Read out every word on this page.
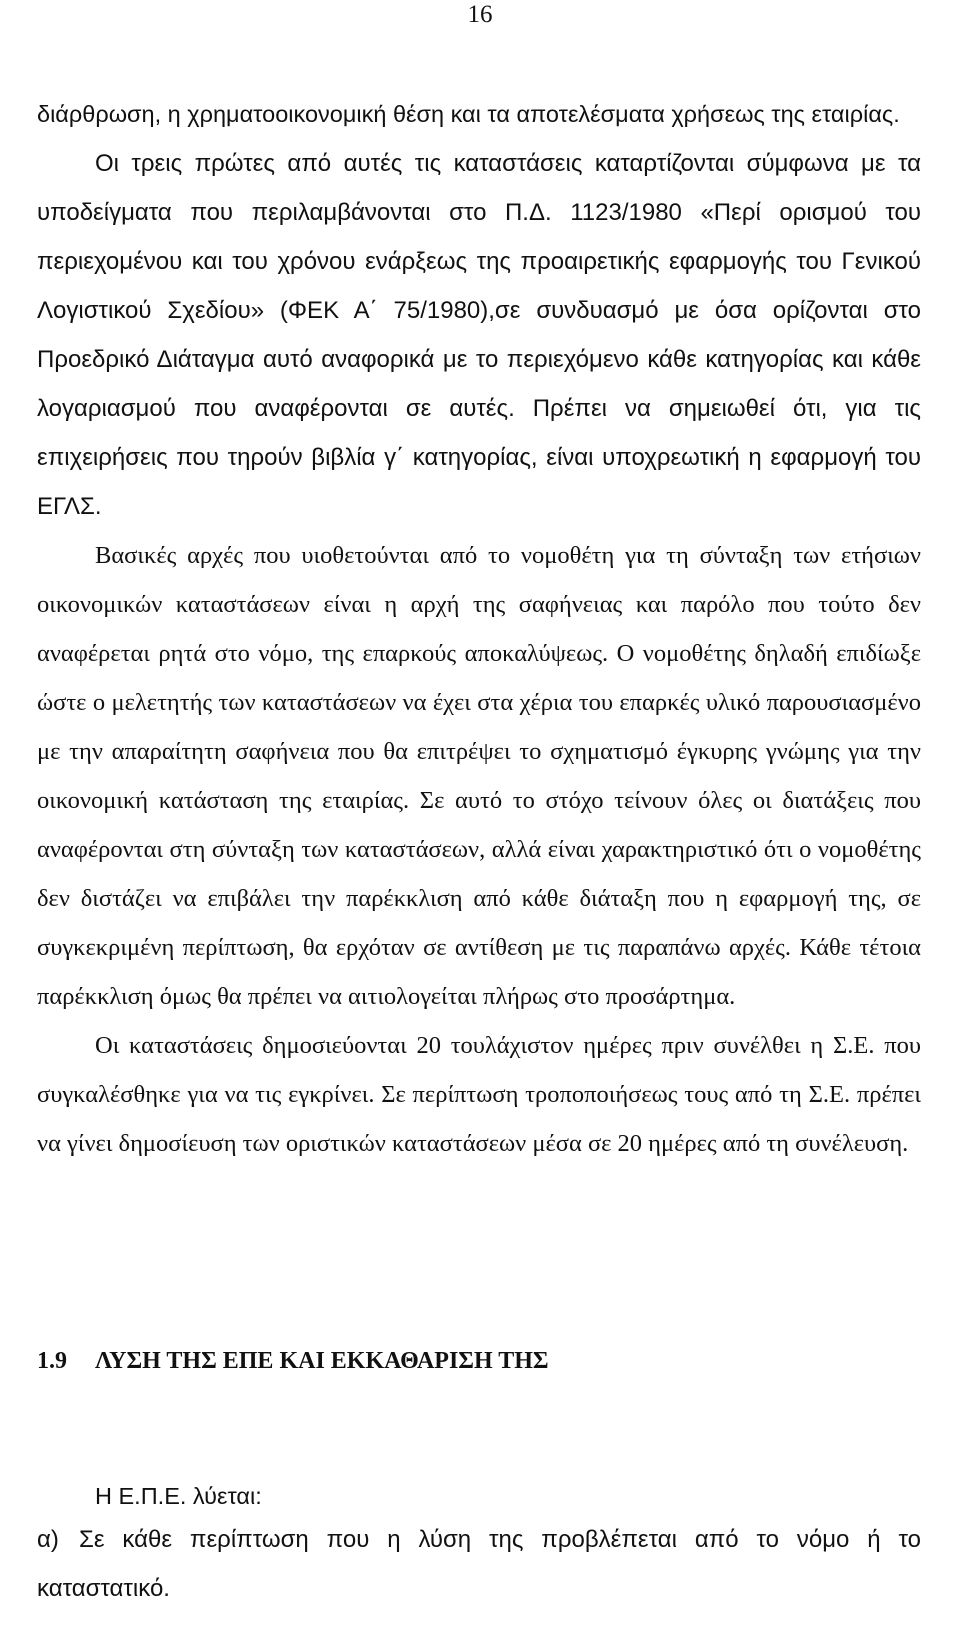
16

διάρθρωση, η χρηματοοικονομική θέση και τα αποτελέσματα χρήσεως της εταιρίας.

Οι τρεις πρώτες από αυτές τις καταστάσεις καταρτίζονται σύμφωνα με τα υποδείγματα που περιλαμβάνονται στο Π.Δ. 1123/1980 «Περί ορισμού του περιεχομένου και του χρόνου ενάρξεως της προαιρετικής εφαρμογής του Γενικού Λογιστικού Σχεδίου» (ΦΕΚ Α΄ 75/1980),σε συνδυασμό με όσα ορίζονται στο Προεδρικό Διάταγμα αυτό αναφορικά με το περιεχόμενο κάθε κατηγορίας και κάθε λογαριασμού που αναφέρονται σε αυτές. Πρέπει να σημειωθεί ότι, για τις επιχειρήσεις που τηρούν βιβλία γ΄ κατηγορίας, είναι υποχρεωτική η εφαρμογή του ΕΓΛΣ.

Βασικές αρχές που υιοθετούνται από το νομοθέτη για τη σύνταξη των ετήσιων οικονομικών καταστάσεων είναι η αρχή της σαφήνειας και παρόλο που τούτο δεν αναφέρεται ρητά στο νόμο, της επαρκούς αποκαλύψεως. Ο νομοθέτης δηλαδή επιδίωξε ώστε ο μελετητής των καταστάσεων να έχει στα χέρια του επαρκές υλικό παρουσιασμένο με την απαραίτητη σαφήνεια που θα επιτρέψει το σχηματισμό έγκυρης γνώμης για την οικονομική κατάσταση της εταιρίας. Σε αυτό το στόχο τείνουν όλες οι διατάξεις που αναφέρονται στη σύνταξη των καταστάσεων, αλλά είναι χαρακτηριστικό ότι ο νομοθέτης δεν διστάζει να επιβάλει την παρέκκλιση από κάθε διάταξη που η εφαρμογή της, σε συγκεκριμένη περίπτωση, θα ερχόταν σε αντίθεση με τις παραπάνω αρχές. Κάθε τέτοια παρέκκλιση όμως θα πρέπει να αιτιολογείται πλήρως στο προσάρτημα.

Οι καταστάσεις δημοσιεύονται 20 τουλάχιστον ημέρες πριν συνέλθει η Σ.Ε. που συγκαλέσθηκε για να τις εγκρίνει. Σε περίπτωση τροποποιήσεως τους από τη Σ.Ε. πρέπει να γίνει δημοσίευση των οριστικών καταστάσεων μέσα σε 20 ημέρες από τη συνέλευση.

1.9 ΛΥΣΗ ΤΗΣ ΕΠΕ ΚΑΙ ΕΚΚΑΘΑΡΙΣΗ ΤΗΣ
Η Ε.Π.Ε. λύεται:
α) Σε κάθε περίπτωση που η λύση της προβλέπεται από το νόμο ή το καταστατικό.
